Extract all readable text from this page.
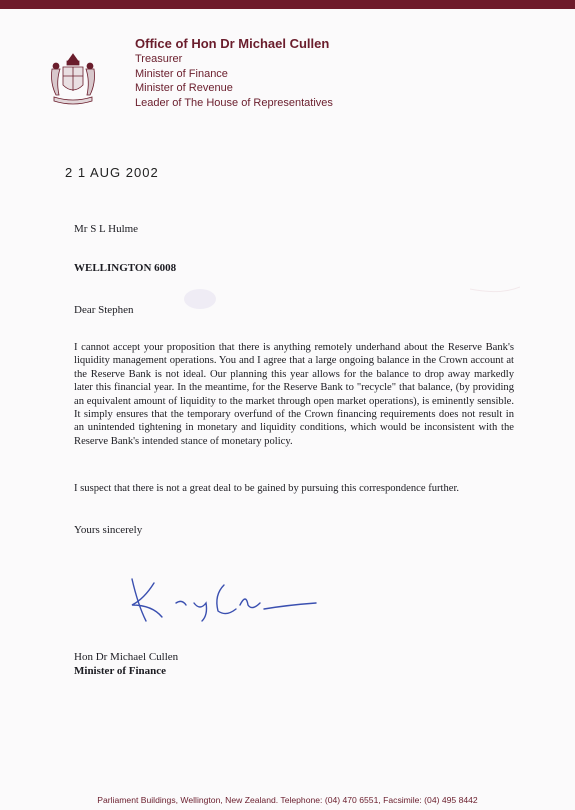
Office of Hon Dr Michael Cullen
Treasurer
Minister of Finance
Minister of Revenue
Leader of The House of Representatives
2 1 AUG 2002
Mr S L Hulme
WELLINGTON 6008
Dear Stephen

I cannot accept your proposition that there is anything remotely underhand about the Reserve Bank's liquidity management operations. You and I agree that a large ongoing balance in the Crown account at the Reserve Bank is not ideal. Our planning this year allows for the balance to drop away markedly later this financial year. In the meantime, for the Reserve Bank to "recycle" that balance, (by providing an equivalent amount of liquidity to the market through open market operations), is eminently sensible. It simply ensures that the temporary overfund of the Crown financing requirements does not result in an unintended tightening in monetary and liquidity conditions, which would be inconsistent with the Reserve Bank's intended stance of monetary policy.

I suspect that there is not a great deal to be gained by pursuing this correspondence further.

Yours sincerely
Hon Dr Michael Cullen
Minister of Finance
Parliament Buildings, Wellington, New Zealand. Telephone: (04) 470 6551, Facsimile: (04) 495 8442
